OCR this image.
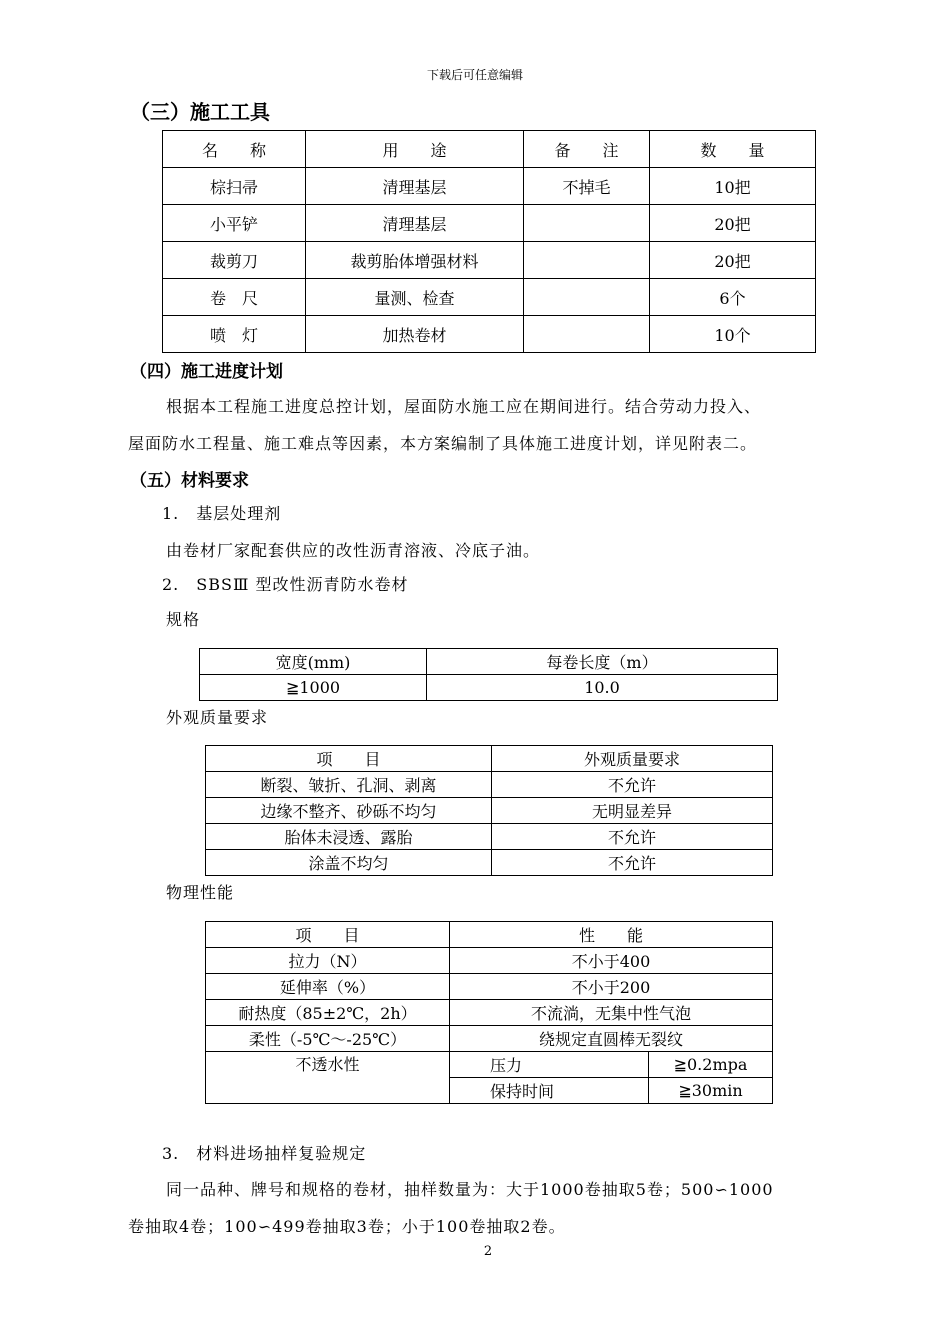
下载后可任意编辑
（三）施工工具
名　　称	用　　途	备　　注	数　　量
棕扫帚	清理基层	不掉毛	10把
小平铲	清理基层		20把
裁剪刀	裁剪胎体增强材料		20把
卷　尺	量测、检查		6个
喷　灯	加热卷材		10个
（四）施工进度计划
根据本工程施工进度总控计划，屋面防水施工应在期间进行。结合劳动力投入、
屋面防水工程量、施工难点等因素，本方案编制了具体施工进度计划，详见附表二。
（五）材料要求
1.　基层处理剂
由卷材厂家配套供应的改性沥青溶液、冷底子油。
2.　SBSⅢ 型改性沥青防水卷材
规格
宽度(mm)	每卷长度（m）
≧1000	10.0
外观质量要求
项　　目	外观质量要求
断裂、皱折、孔洞、剥离	不允许
边缘不整齐、砂砾不均匀	无明显差异
胎体未浸透、露胎	不允许
涂盖不均匀	不允许
物理性能
项　　目	性　　能	
拉力（N）	不小于400	
延伸率（%）	不小于200	
耐热度（85±2℃，2h）	不流淌，无集中性气泡	
柔性（-5℃～-25℃）	绕规定直圆棒无裂纹	
不透水性	压力	≧0.2mpa
	保持时间	≧30min
3.　材料进场抽样复验规定
同一品种、牌号和规格的卷材，抽样数量为：大于1000卷抽取5卷；500∽1000
卷抽取4卷；100∽499卷抽取3卷；小于100卷抽取2卷。
2
